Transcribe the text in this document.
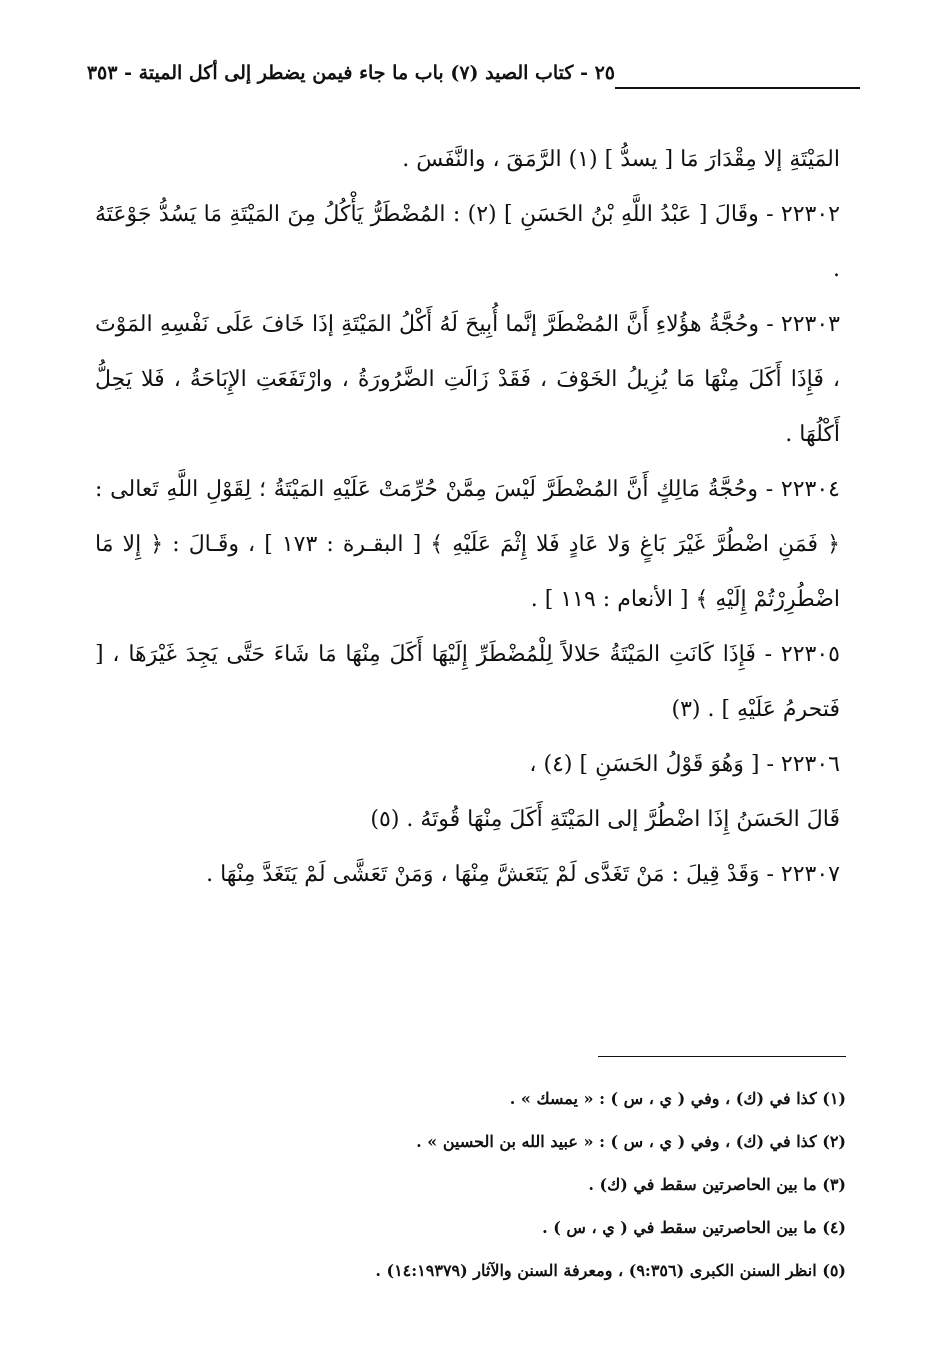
٢٥ - كتاب الصيد (٧) باب ما جاء فيمن يضطر إلى أكل الميتة - ٣٥٣

المَيْتَةِ إلا مِقْدَارَ مَا [ يسدُّ ] (١) الرَّمَقَ ، والنَّفَسَ .

٢٢٣٠٢ - وقَالَ [ عَبْدُ اللَّهِ بْنُ الحَسَنِ ] (٢) : المُضْطَرُّ يَأْكُلُ مِنَ المَيْتَةِ مَا يَسُدُّ جَوْعَتَهُ .

٢٢٣٠٣ - وحُجَّةُ هؤُلاءِ أَنَّ المُضْطَرَّ إنَّما أُبِيحَ لَهُ أَكْلُ المَيْتَةِ إذَا خَافَ عَلَى نَفْسِهِ المَوْتَ ، فَإِذَا أَكَلَ مِنْهَا مَا يُزِيلُ الخَوْفَ ، فَقَدْ زَالَتِ الضَّرُورَةُ ، وارْتَفَعَتِ الإِبَاحَةُ ، فَلا يَحِلُّ أَكْلُهَا .

٢٢٣٠٤ - وحُجَّةُ مَالِكٍ أَنَّ المُضْطَرَّ لَيْسَ مِمَّنْ حُرِّمَتْ عَلَيْهِ المَيْتَةُ ؛ لِقَوْلِ اللَّهِ تَعالى : ﴿ فَمَنِ اضْطُرَّ غَيْرَ بَاغٍ وَلا عَادٍ فَلا إِثْمَ عَلَيْهِ ﴾ [ البقـرة : ١٧٣ ] ، وقَـالَ : ﴿ إِلا مَا اضْطُرِرْتُمْ إِلَيْهِ ﴾ [ الأنعام : ١١٩ ] .

٢٢٣٠٥ - فَإِذَا كَانَتِ المَيْتَةُ حَلالاً لِلْمُضْطَرِّ إِلَيْهَا أَكَلَ مِنْهَا مَا شَاءَ حَتَّى يَجِدَ غَيْرَهَا ، [ فَتحرمُ عَلَيْهِ ] . (٣)

٢٢٣٠٦ - [ وَهُوَ قَوْلُ الحَسَنِ ] (٤) ،

قَالَ الحَسَنُ إِذَا اضْطُرَّ إلى المَيْتَةِ أَكَلَ مِنْهَا قُوتَهُ . (٥)

٢٢٣٠٧ - وَقَدْ قِيلَ : مَنْ تَغَدَّى لَمْ يَتَعَشَّ مِنْهَا ، وَمَنْ تَعَشَّى لَمْ يَتَغَدَّ مِنْهَا .

(١) كذا في (ك) ، وفي ( ي ، س ) : « يمسك » .

(٢) كذا في (ك) ، وفي ( ي ، س ) : « عبيد الله بن الحسين » .

(٣) ما بين الحاصرتين سقط في (ك) .

(٤) ما بين الحاصرتين سقط في ( ي ، س ) .

(٥) انظر السنن الكبرى (٩:٣٥٦) ، ومعرفة السنن والآثار (١٤:١٩٣٧٩) .
